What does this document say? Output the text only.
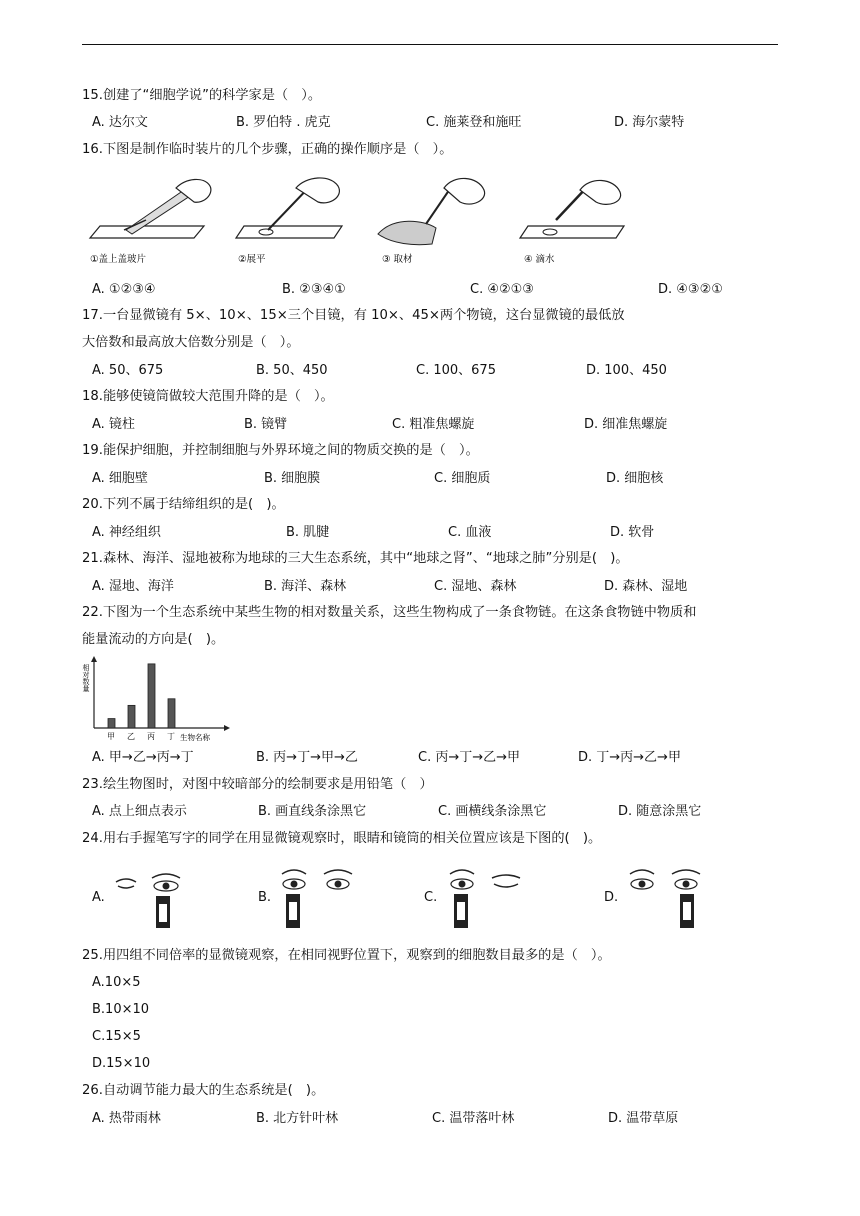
15.创建了“细胞学说”的科学家是（　）。
A. 达尔文	B. 罗伯特 . 虎克	C. 施莱登和施旺	D. 海尔蒙特
16.下图是制作临时装片的几个步骤，正确的操作顺序是（　）。
①盖上盖玻片	②展平	③ 取材	④ 滴水
A. ①②③④	B. ②③④①	C. ④②①③	D. ④③②①
17.一台显微镜有 5×、10×、15×三个目镜，有 10×、45×两个物镜，这台显微镜的最低放
大倍数和最高放大倍数分别是（　）。
A. 50、675	B. 50、450	C. 100、675	D. 100、450
18.能够使镜筒做较大范围升降的是（　）。
A. 镜柱	B. 镜臂	C. 粗准焦螺旋	D. 细准焦螺旋
19.能保护细胞，并控制细胞与外界环境之间的物质交换的是（　）。
A. 细胞壁	B. 细胞膜	C. 细胞质	D. 细胞核
20.下列不属于结缔组织的是(　)。
A. 神经组织	B. 肌腱	C. 血液	D. 软骨
21.森林、海洋、湿地被称为地球的三大生态系统，其中“地球之肾”、“地球之肺”分别是(　)。
A. 湿地、海洋	B. 海洋、森林	C. 湿地、森林	D. 森林、湿地
22.下图为一个生态系统中某些生物的相对数量关系，这些生物构成了一条食物链。在这条食物链中物质和
能量流动的方向是(　)。
相对数量
生物名称
甲 乙 丙 丁
A. 甲→乙→丙→丁	B. 丙→丁→甲→乙	C. 丙→丁→乙→甲	D. 丁→丙→乙→甲
23.绘生物图时，对图中较暗部分的绘制要求是用铅笔（　）
A. 点上细点表示	B. 画直线条涂黑它	C. 画横线条涂黑它	D. 随意涂黑它
24.用右手握笔写字的同学在用显微镜观察时，眼睛和镜筒的相关位置应该是下图的(　)。
A.	B.	C.	D.
25.用四组不同倍率的显微镜观察，在相同视野位置下，观察到的细胞数目最多的是（　）。
A.10×5
B.10×10
C.15×5
D.15×10
26.自动调节能力最大的生态系统是(　)。
A. 热带雨林	B. 北方针叶林	C. 温带落叶林	D. 温带草原
